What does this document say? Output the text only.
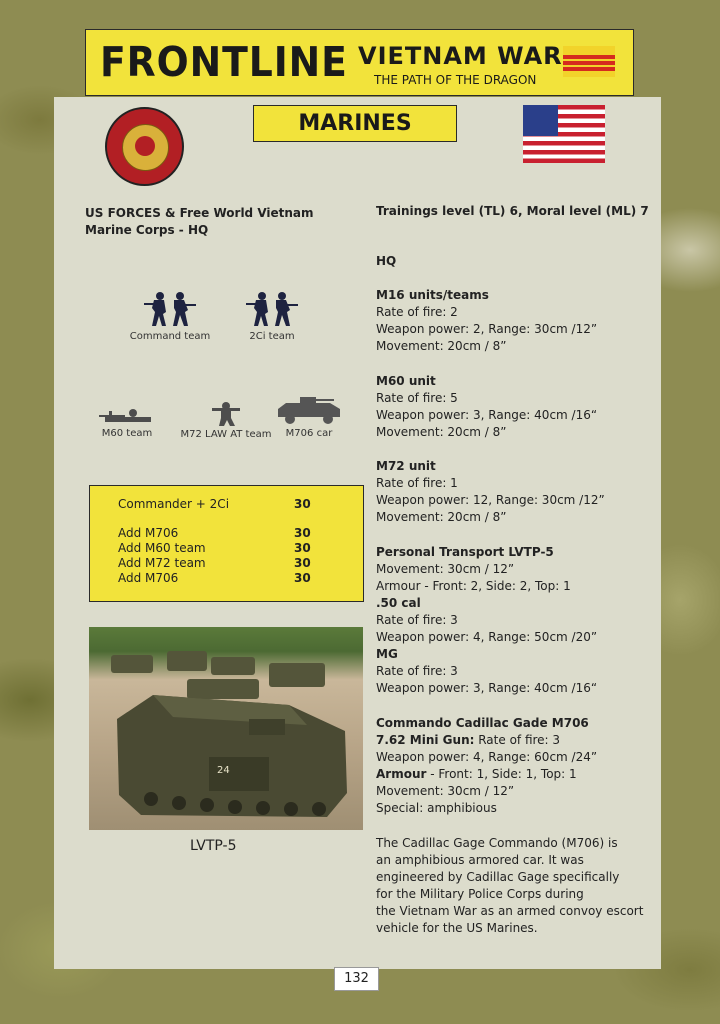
FRONTLINE VIETNAM WAR
THE PATH OF THE DRAGON
MARINES
US FORCES & Free World Vietnam
Marine Corps - HQ
Command team	2Ci team
M60 team	M72 LAW AT team	M706 car
Commander + 2Ci	30
Add M706	30
Add M60 team	30
Add M72 team	30
Add M706	30
24
LVTP-5
Trainings level (TL) 6, Moral level (ML) 7
HQ
M16 units/teams
Rate of fire: 2
Weapon power: 2, Range: 30cm /12”
Movement: 20cm / 8”
M60 unit
Rate of fire: 5
Weapon power: 3, Range: 40cm /16“
Movement: 20cm / 8”
M72 unit
Rate of fire: 1
Weapon power: 12, Range: 30cm /12”
Movement: 20cm / 8”
Personal Transport LVTP-5
Movement: 30cm / 12”
Armour - Front: 2, Side: 2, Top: 1
.50 cal
Rate of fire: 3
Weapon power: 4, Range: 50cm /20”
MG
Rate of fire: 3
Weapon power: 3, Range: 40cm /16“
Commando Cadillac Gade M706
7.62 Mini Gun: Rate of fire: 3
Weapon power: 4, Range: 60cm /24”
Armour - Front: 1, Side: 1, Top: 1
Movement: 30cm / 12”
Special: amphibious
The Cadillac Gage Commando (M706) is
an amphibious armored car. It was
engineered by Cadillac Gage specifically
for the Military Police Corps during
the Vietnam War as an armed convoy escort
vehicle for the US Marines.
132
